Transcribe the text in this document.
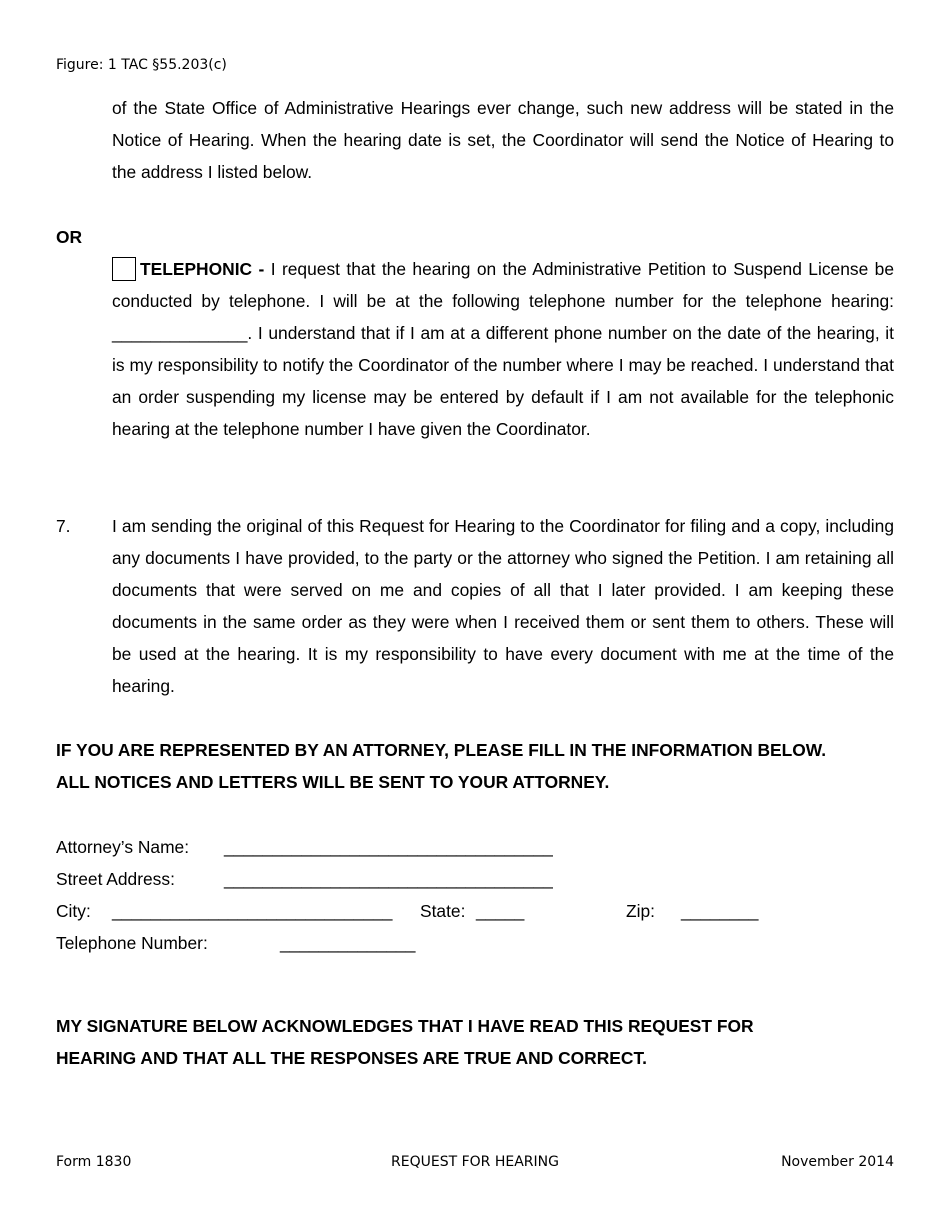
Figure: 1 TAC §55.203(c)
of the State Office of Administrative Hearings ever change, such new address will be stated in the Notice of Hearing. When the hearing date is set, the Coordinator will send the Notice of Hearing to the address I listed below.
OR
TELEPHONIC - I request that the hearing on the Administrative Petition to Suspend License be conducted by telephone. I will be at the following telephone number for the telephone hearing: ______________. I understand that if I am at a different phone number on the date of the hearing, it is my responsibility to notify the Coordinator of the number where I may be reached. I understand that an order suspending my license may be entered by default if I am not available for the telephonic hearing at the telephone number I have given the Coordinator.
7. I am sending the original of this Request for Hearing to the Coordinator for filing and a copy, including any documents I have provided, to the party or the attorney who signed the Petition. I am retaining all documents that were served on me and copies of all that I later provided. I am keeping these documents in the same order as they were when I received them or sent them to others. These will be used at the hearing. It is my responsibility to have every document with me at the time of the hearing.
IF YOU ARE REPRESENTED BY AN ATTORNEY, PLEASE FILL IN THE INFORMATION BELOW.
ALL NOTICES AND LETTERS WILL BE SENT TO YOUR ATTORNEY.
Attorney’s Name: __________________________________
Street Address:	__________________________________
City: _____________________________ State: _____	Zip: ________
Telephone Number:	______________
MY SIGNATURE BELOW ACKNOWLEDGES THAT I HAVE READ THIS REQUEST FOR
HEARING AND THAT ALL THE RESPONSES ARE TRUE AND CORRECT.
Form 1830	REQUEST FOR HEARING	November 2014
